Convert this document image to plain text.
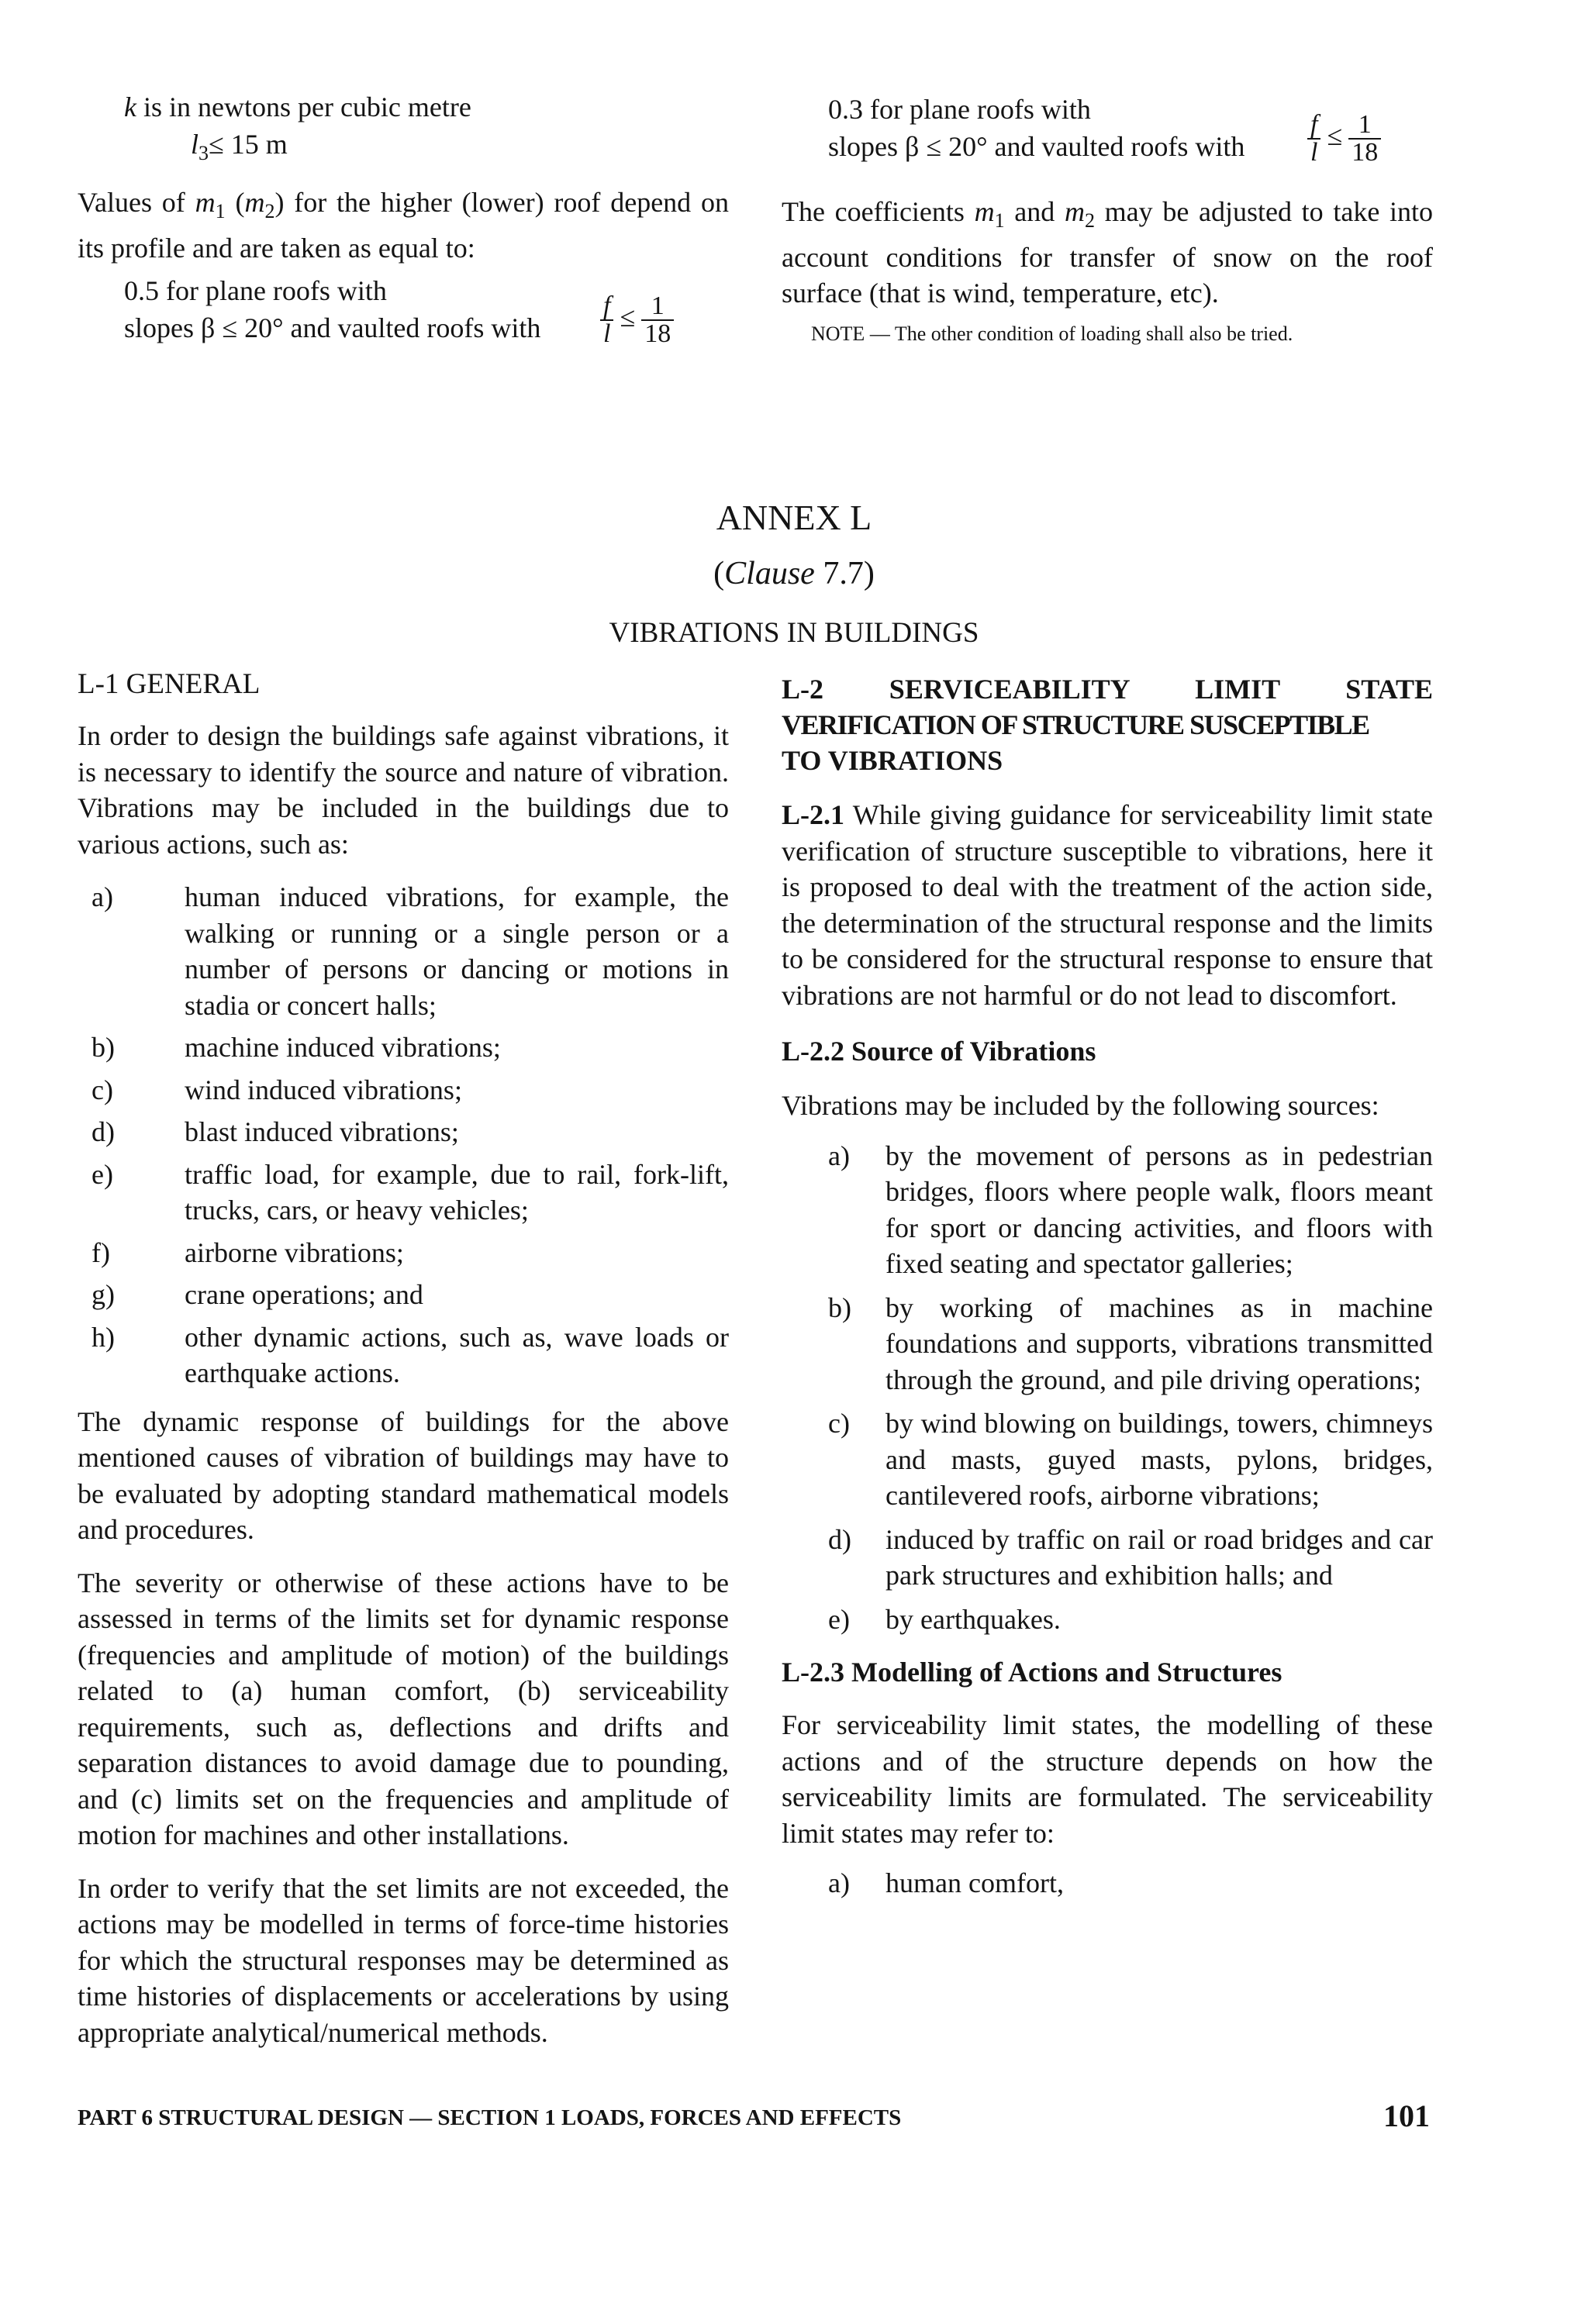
k is in newtons per cubic metre
$l_3\le 15$ m

Values of $m_1$ $(m_2)$ for the higher (lower) roof depend on its profile and are taken as equal to:

0.5 for plane roofs with
slopes β ≤ 20° and vaulted roofs with $\frac{f}{l} \le \frac{1}{18}$
0.3 for plane roofs with
slopes β ≤ 20° and vaulted roofs with $\frac{f}{l} \le \frac{1}{18}$

The coefficients $m_1$ and $m_2$ may be adjusted to take into account conditions for transfer of snow on the roof surface (that is wind, temperature, etc).

NOTE — The other condition of loading shall also be tried.
ANNEX L
(Clause 7.7)
VIBRATIONS IN BUILDINGS
L-1 GENERAL

In order to design the buildings safe against vibrations, it is necessary to identify the source and nature of vibration. Vibrations may be included in the buildings due to various actions, such as:

a)	human induced vibrations, for example, the walking or running or a single person or a number of persons or dancing or motions in stadia or concert halls;
b)	machine induced vibrations;
c)	wind induced vibrations;
d)	blast induced vibrations;
e)	traffic load, for example, due to rail, fork-lift, trucks, cars, or heavy vehicles;
f)	airborne vibrations;
g)	crane operations; and
h)	other dynamic actions, such as, wave loads or earthquake actions.

The dynamic response of buildings for the above mentioned causes of vibration of buildings may have to be evaluated by adopting standard mathematical models and procedures.

The severity or otherwise of these actions have to be assessed in terms of the limits set for dynamic response (frequencies and amplitude of motion) of the buildings related to (a) human comfort, (b) serviceability requirements, such as, deflections and drifts and separation distances to avoid damage due to pounding, and (c) limits set on the frequencies and amplitude of motion for machines and other installations.

In order to verify that the set limits are not exceeded, the actions may be modelled in terms of force-time histories for which the structural responses may be determined as time histories of displacements or accelerations by using appropriate analytical/numerical methods.

L-2 SERVICEABILITY LIMIT STATE
VERIFICATION OF STRUCTURE SUSCEPTIBLE
TO VIBRATIONS

L-2.1 While giving guidance for serviceability limit state verification of structure susceptible to vibrations, here it is proposed to deal with the treatment of the action side, the determination of the structural response and the limits to be considered for the structural response to ensure that vibrations are not harmful or do not lead to discomfort.

L-2.2 Source of Vibrations

Vibrations may be included by the following sources:

a) by the movement of persons as in pedestrian bridges, floors where people walk, floors meant for sport or dancing activities, and floors with fixed seating and spectator galleries;
b) by working of machines as in machine foundations and supports, vibrations transmitted through the ground, and pile driving operations;
c) by wind blowing on buildings, towers, chimneys and masts, guyed masts, pylons, bridges, cantilevered roofs, airborne vibrations;
d) induced by traffic on rail or road bridges and car park structures and exhibition halls; and
e) by earthquakes.
L-2.3 Modelling of Actions and Structures

For serviceability limit states, the modelling of these actions and of the structure depends on how the serviceability limits are formulated. The serviceability limit states may refer to:

a) human comfort,
PART 6 STRUCTURAL DESIGN — SECTION 1 LOADS, FORCES AND EFFECTS	101
